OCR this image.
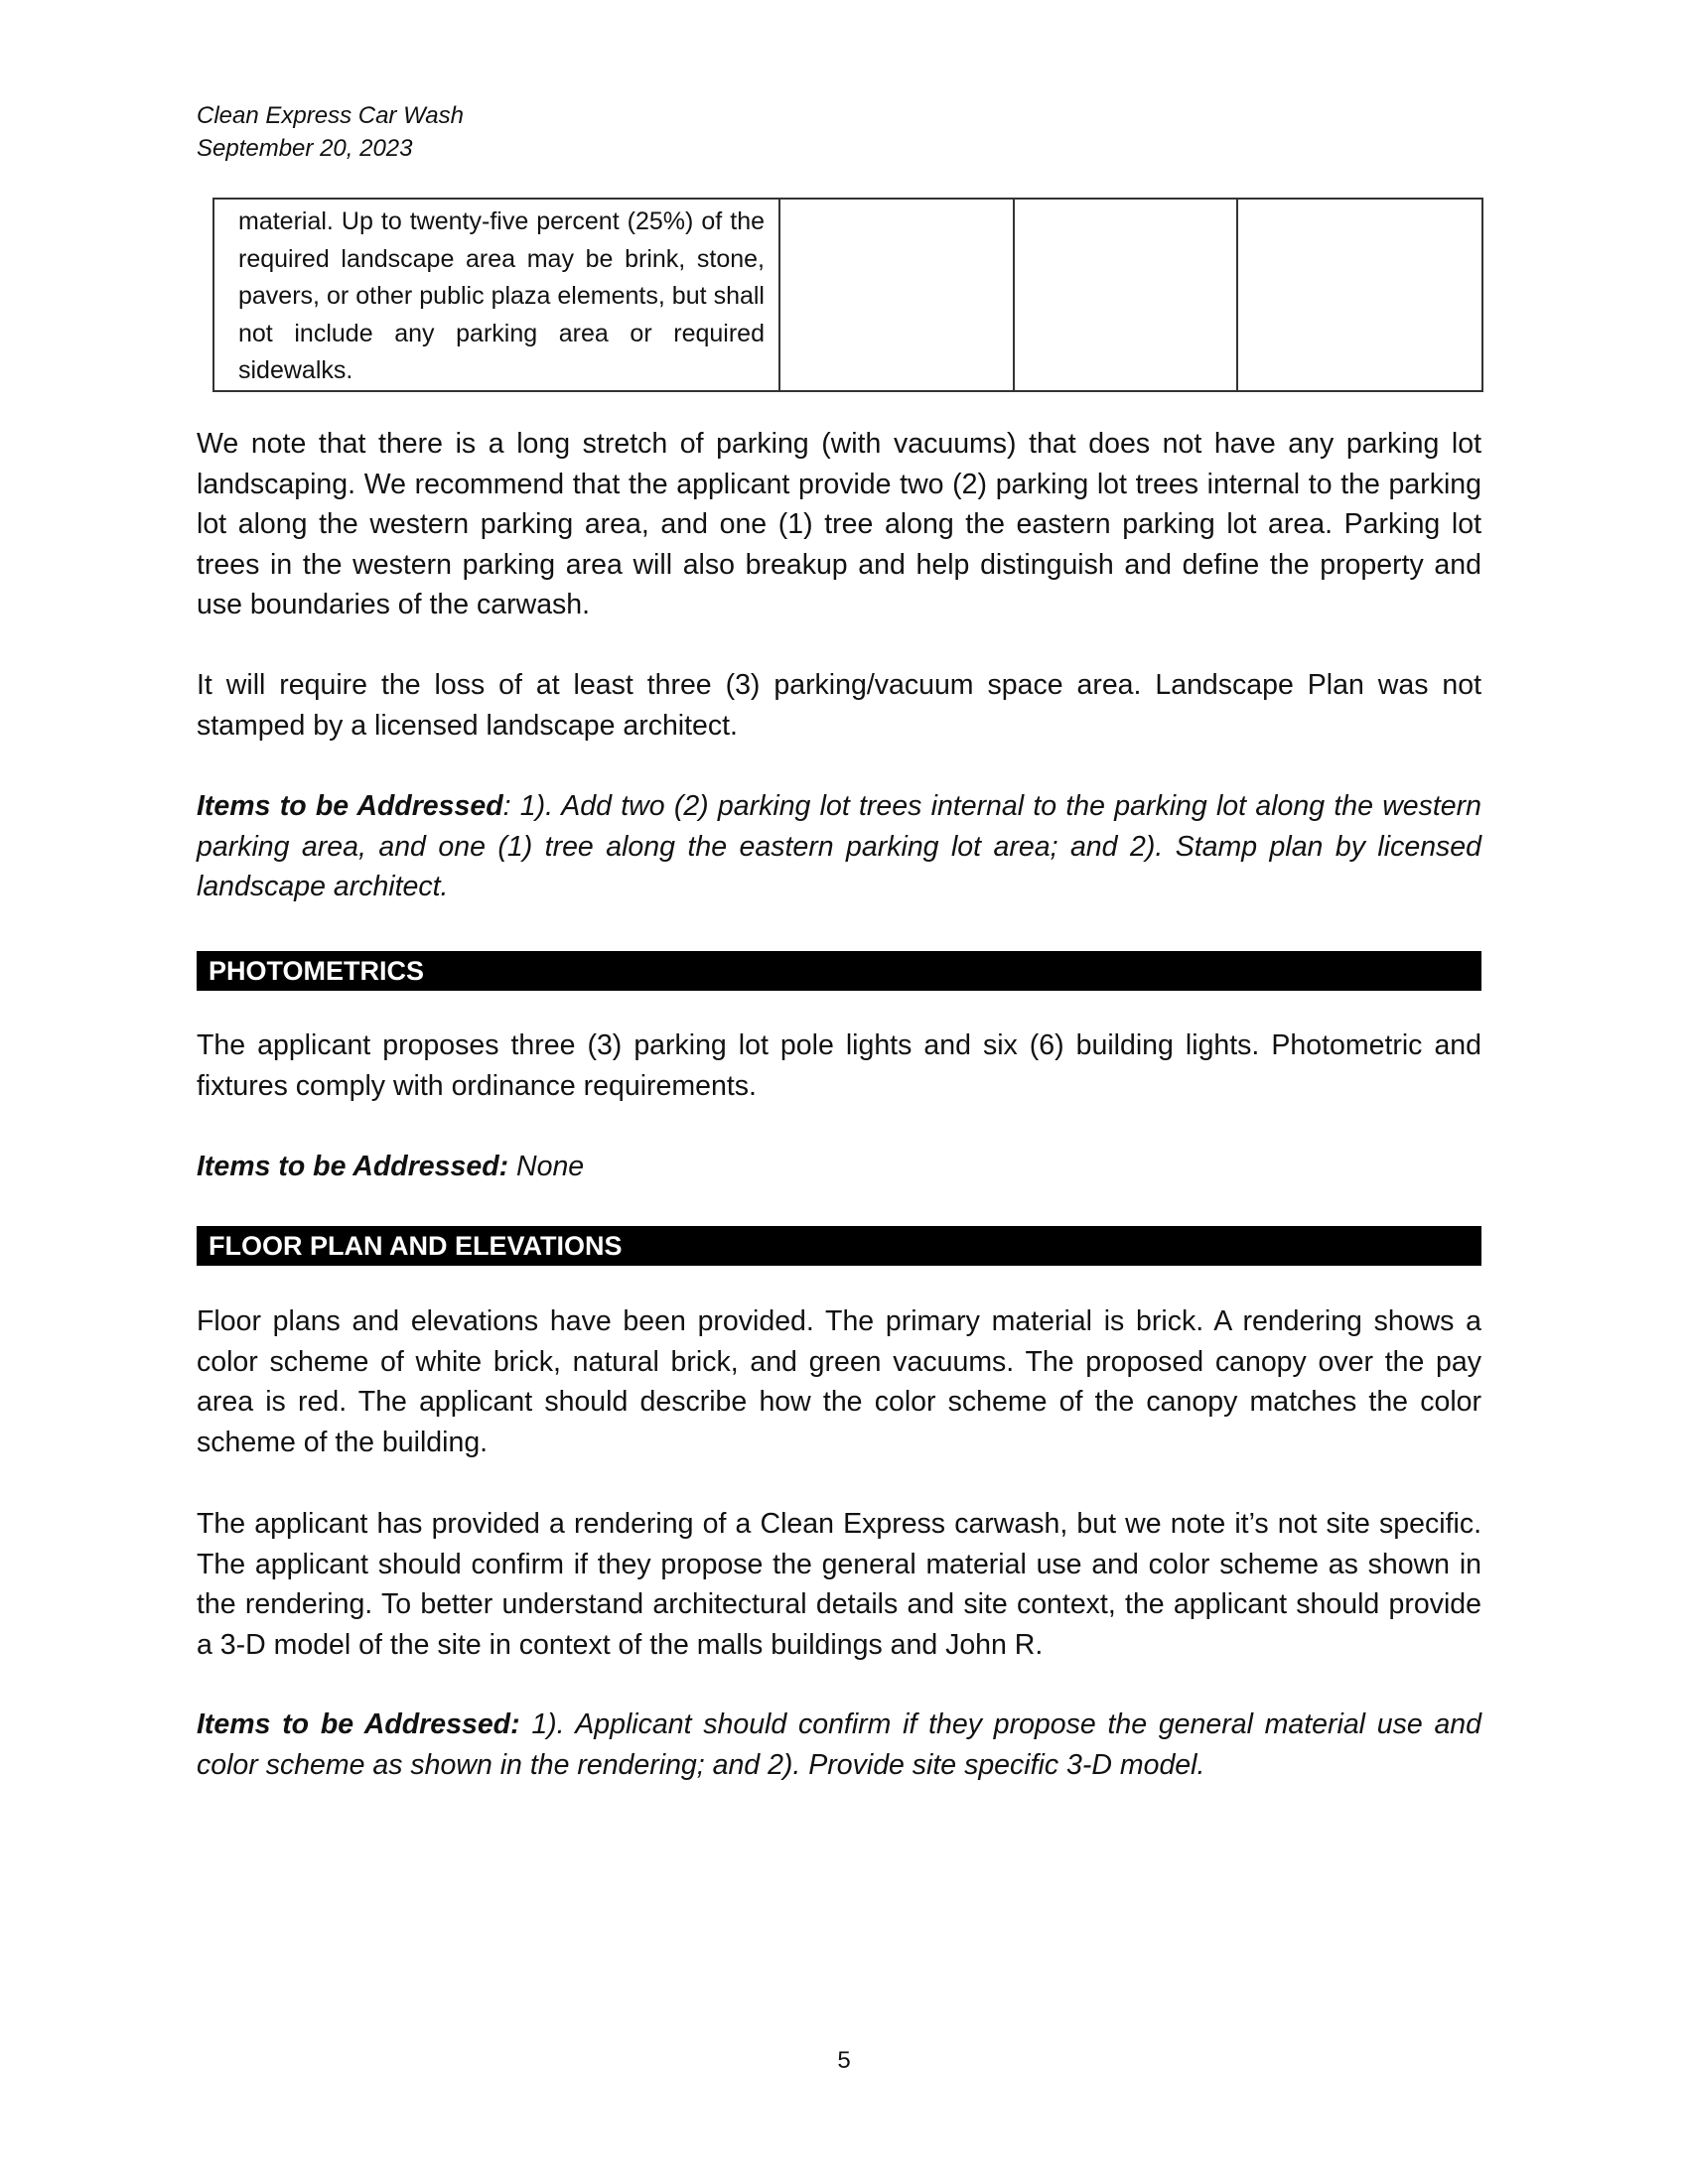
Clean Express Car Wash
September 20, 2023
material. Up to twenty-five percent (25%) of the required landscape area may be brink, stone, pavers, or other public plaza elements, but shall not include any parking area or required sidewalks.

We note that there is a long stretch of parking (with vacuums) that does not have any parking lot landscaping. We recommend that the applicant provide two (2) parking lot trees internal to the parking lot along the western parking area, and one (1) tree along the eastern parking lot area. Parking lot trees in the western parking area will also breakup and help distinguish and define the property and use boundaries of the carwash.

It will require the loss of at least three (3) parking/vacuum space area. Landscape Plan was not stamped by a licensed landscape architect.

Items to be Addressed: 1). Add two (2) parking lot trees internal to the parking lot along the western parking area, and one (1) tree along the eastern parking lot area; and 2). Stamp plan by licensed landscape architect.

PHOTOMETRICS

The applicant proposes three (3) parking lot pole lights and six (6) building lights. Photometric and fixtures comply with ordinance requirements.

Items to be Addressed: None

FLOOR PLAN AND ELEVATIONS

Floor plans and elevations have been provided. The primary material is brick. A rendering shows a color scheme of white brick, natural brick, and green vacuums. The proposed canopy over the pay area is red. The applicant should describe how the color scheme of the canopy matches the color scheme of the building.

The applicant has provided a rendering of a Clean Express carwash, but we note it’s not site specific. The applicant should confirm if they propose the general material use and color scheme as shown in the rendering. To better understand architectural details and site context, the applicant should provide a 3-D model of the site in context of the malls buildings and John R.

Items to be Addressed: 1). Applicant should confirm if they propose the general material use and color scheme as shown in the rendering; and 2). Provide site specific 3-D model.

5
